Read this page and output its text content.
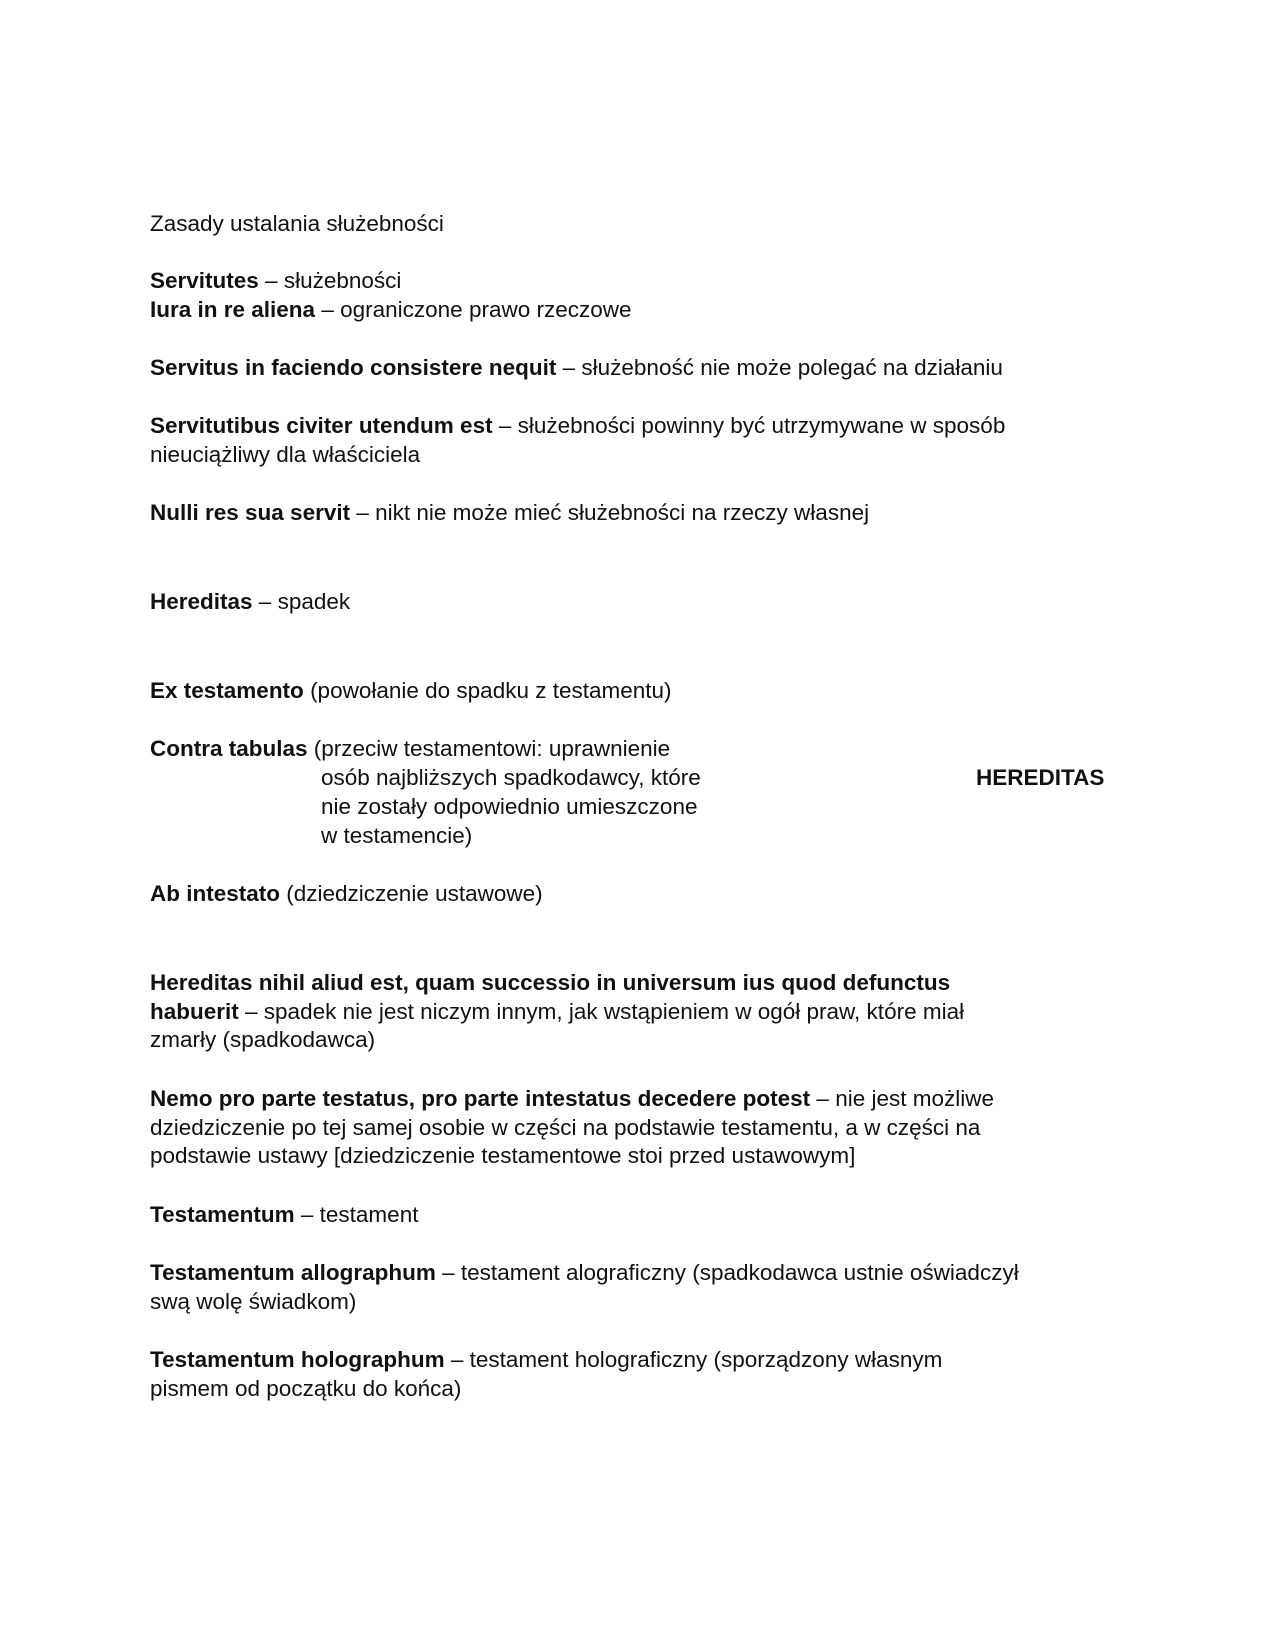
Zasady ustalania służebności
Servitutes – służebności
Iura in re aliena – ograniczone prawo rzeczowe
Servitus in faciendo consistere nequit – służebność nie może polegać na działaniu
Servitutibus civiter utendum est – służebności powinny być utrzymywane w sposób
nieuciążliwy dla właściciela
Nulli res sua servit – nikt nie może mieć służebności na rzeczy własnej
Hereditas – spadek
Ex testamento (powołanie do spadku z testamentu)
Contra tabulas (przeciw testamentowi: uprawnienie
osób najbliższych spadkodawcy, które
nie zostały odpowiednio umieszczone
w testamencie)
HEREDITAS
Ab intestato (dziedziczenie ustawowe)
Hereditas nihil aliud est, quam successio in universum ius quod defunctus
habuerit – spadek nie jest niczym innym, jak wstąpieniem w ogół praw, które miał
zmarły (spadkodawca)
Nemo pro parte testatus, pro parte intestatus decedere potest – nie jest możliwe
dziedziczenie po tej samej osobie w części na podstawie testamentu, a w części na
podstawie ustawy [dziedziczenie testamentowe stoi przed ustawowym]
Testamentum – testament
Testamentum allographum – testament alograficzny (spadkodawca ustnie oświadczył
swą wolę świadkom)
Testamentum holographum – testament holograficzny (sporządzony własnym
pismem od początku do końca)
